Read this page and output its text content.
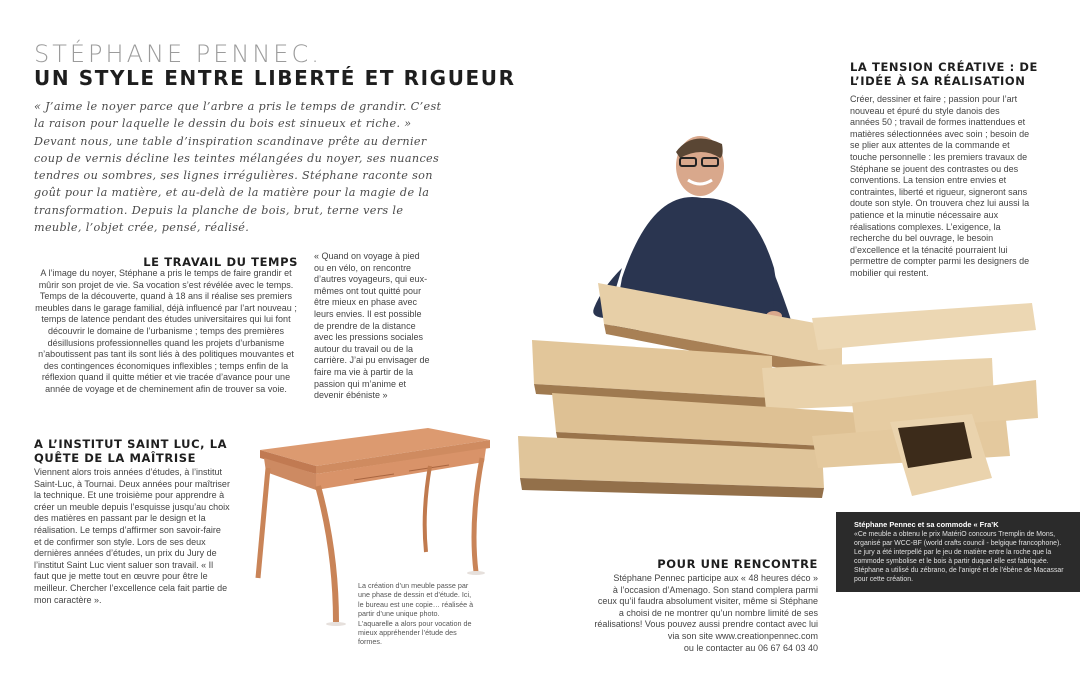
STÉPHANE PENNEC.
UN STYLE ENTRE LIBERTÉ ET RIGUEUR
« J’aime le noyer parce que l’arbre a pris le temps de grandir. C’est la raison pour laquelle le dessin du bois est sinueux et riche. » Devant nous, une table d’inspiration scandinave prête au dernier coup de vernis décline les teintes mélangées du noyer, ses nuances tendres ou sombres, ses lignes irrégulières. Stéphane raconte son goût pour la matière, et au-delà de la matière pour la magie de la transformation. Depuis la planche de bois, brut, terne vers le meuble, l’objet crée, pensé, réalisé.
LE TRAVAIL DU TEMPS
A l’image du noyer, Stéphane a pris le temps de faire grandir et mûrir son projet de vie. Sa vocation s’est révélée avec le temps. Temps de la découverte, quand à 18 ans il réalise ses premiers meubles dans le garage familial, déjà influencé par l’art nouveau ; temps de latence pendant des études universitaires qui lui font découvrir le domaine de l’urbanisme ; temps des premières désillusions professionnelles quand les projets d’urbanisme n’aboutissent pas tant ils sont liés à des politiques mouvantes et des contingences économiques inflexibles ; temps enfin de la réflexion quand il quitte métier et vie tracée d’avance pour une année de voyage et de cheminement afin de trouver sa voie.
« Quand on voyage à pied ou en vélo, on rencontre d’autres voyageurs, qui eux-mêmes ont tout quitté pour être mieux en phase avec leurs envies. Il est possible de prendre de la distance avec les pressions sociales autour du travail ou de la carrière. J’ai pu envisager de faire ma vie à partir de la passion qui m’anime et devenir ébéniste »
A L’INSTITUT SAINT LUC, LA
QUÊTE DE LA MAÎTRISE
Viennent alors trois années d’études, à l’institut Saint-Luc, à Tournai. Deux années pour maîtriser la technique. Et une troisième pour apprendre à créer un meuble depuis l’esquisse jusqu’au choix des matières en passant par le design et la réalisation. Le temps d’affirmer son savoir-faire et de confirmer son style. Lors de ses deux dernières années d’études, un prix du Jury de l’institut Saint Luc vient saluer son travail. « Il faut que je mette tout en œuvre pour être le meilleur. Chercher l’excellence cela fait partie de mon caractère ».
La création d’un meuble passe par une phase de dessin et d’étude. Ici, le bureau est une copie… réalisée à partir d’une unique photo. L’aquarelle a alors pour vocation de mieux appréhender l’étude des formes.
LA TENSION CRÉATIVE : DE
L’IDÉE À SA RÉALISATION
Créer, dessiner et faire ; passion pour l’art nouveau et épuré du style danois des années 50 ; travail de formes inattendues et matières sélectionnées avec soin ; besoin de se plier aux attentes de la commande et touche personnelle : les premiers travaux de Stéphane se jouent des contrastes ou des conventions. La tension entre envies et contraintes, liberté et rigueur, signeront sans doute son style. On trouvera chez lui aussi la patience et la minutie nécessaire aux réalisations complexes. L’exigence, la recherche du bel ouvrage, le besoin d’excellence et la ténacité pourraient lui permettre de compter parmi les designers de mobilier qui restent.
Stéphane Pennec et sa commode « Fra’K
«Ce meuble a obtenu le prix MatériO concours Tremplin de Mons, organisé par WCC-BF (world crafts council - belgique francophone). Le jury a été interpellé par le jeu de matière entre la roche que la commode symbolise et le bois à partir duquel elle est fabriquée. Stéphane a utilisé du zébrano, de l’anigré et de l’ébène de Macassar pour cette création.
POUR UNE RENCONTRE
Stéphane Pennec participe aux « 48 heures déco »
à l’occasion d’Amenago. Son stand complera parmi
ceux qu’il faudra absolument visiter, même si Stéphane
a choisi de ne montrer qu’un nombre limité de ses
réalisations! Vous pouvez aussi prendre contact avec lui
via son site www.creationpennec.com
ou le contacter au 06 67 64 03 40
